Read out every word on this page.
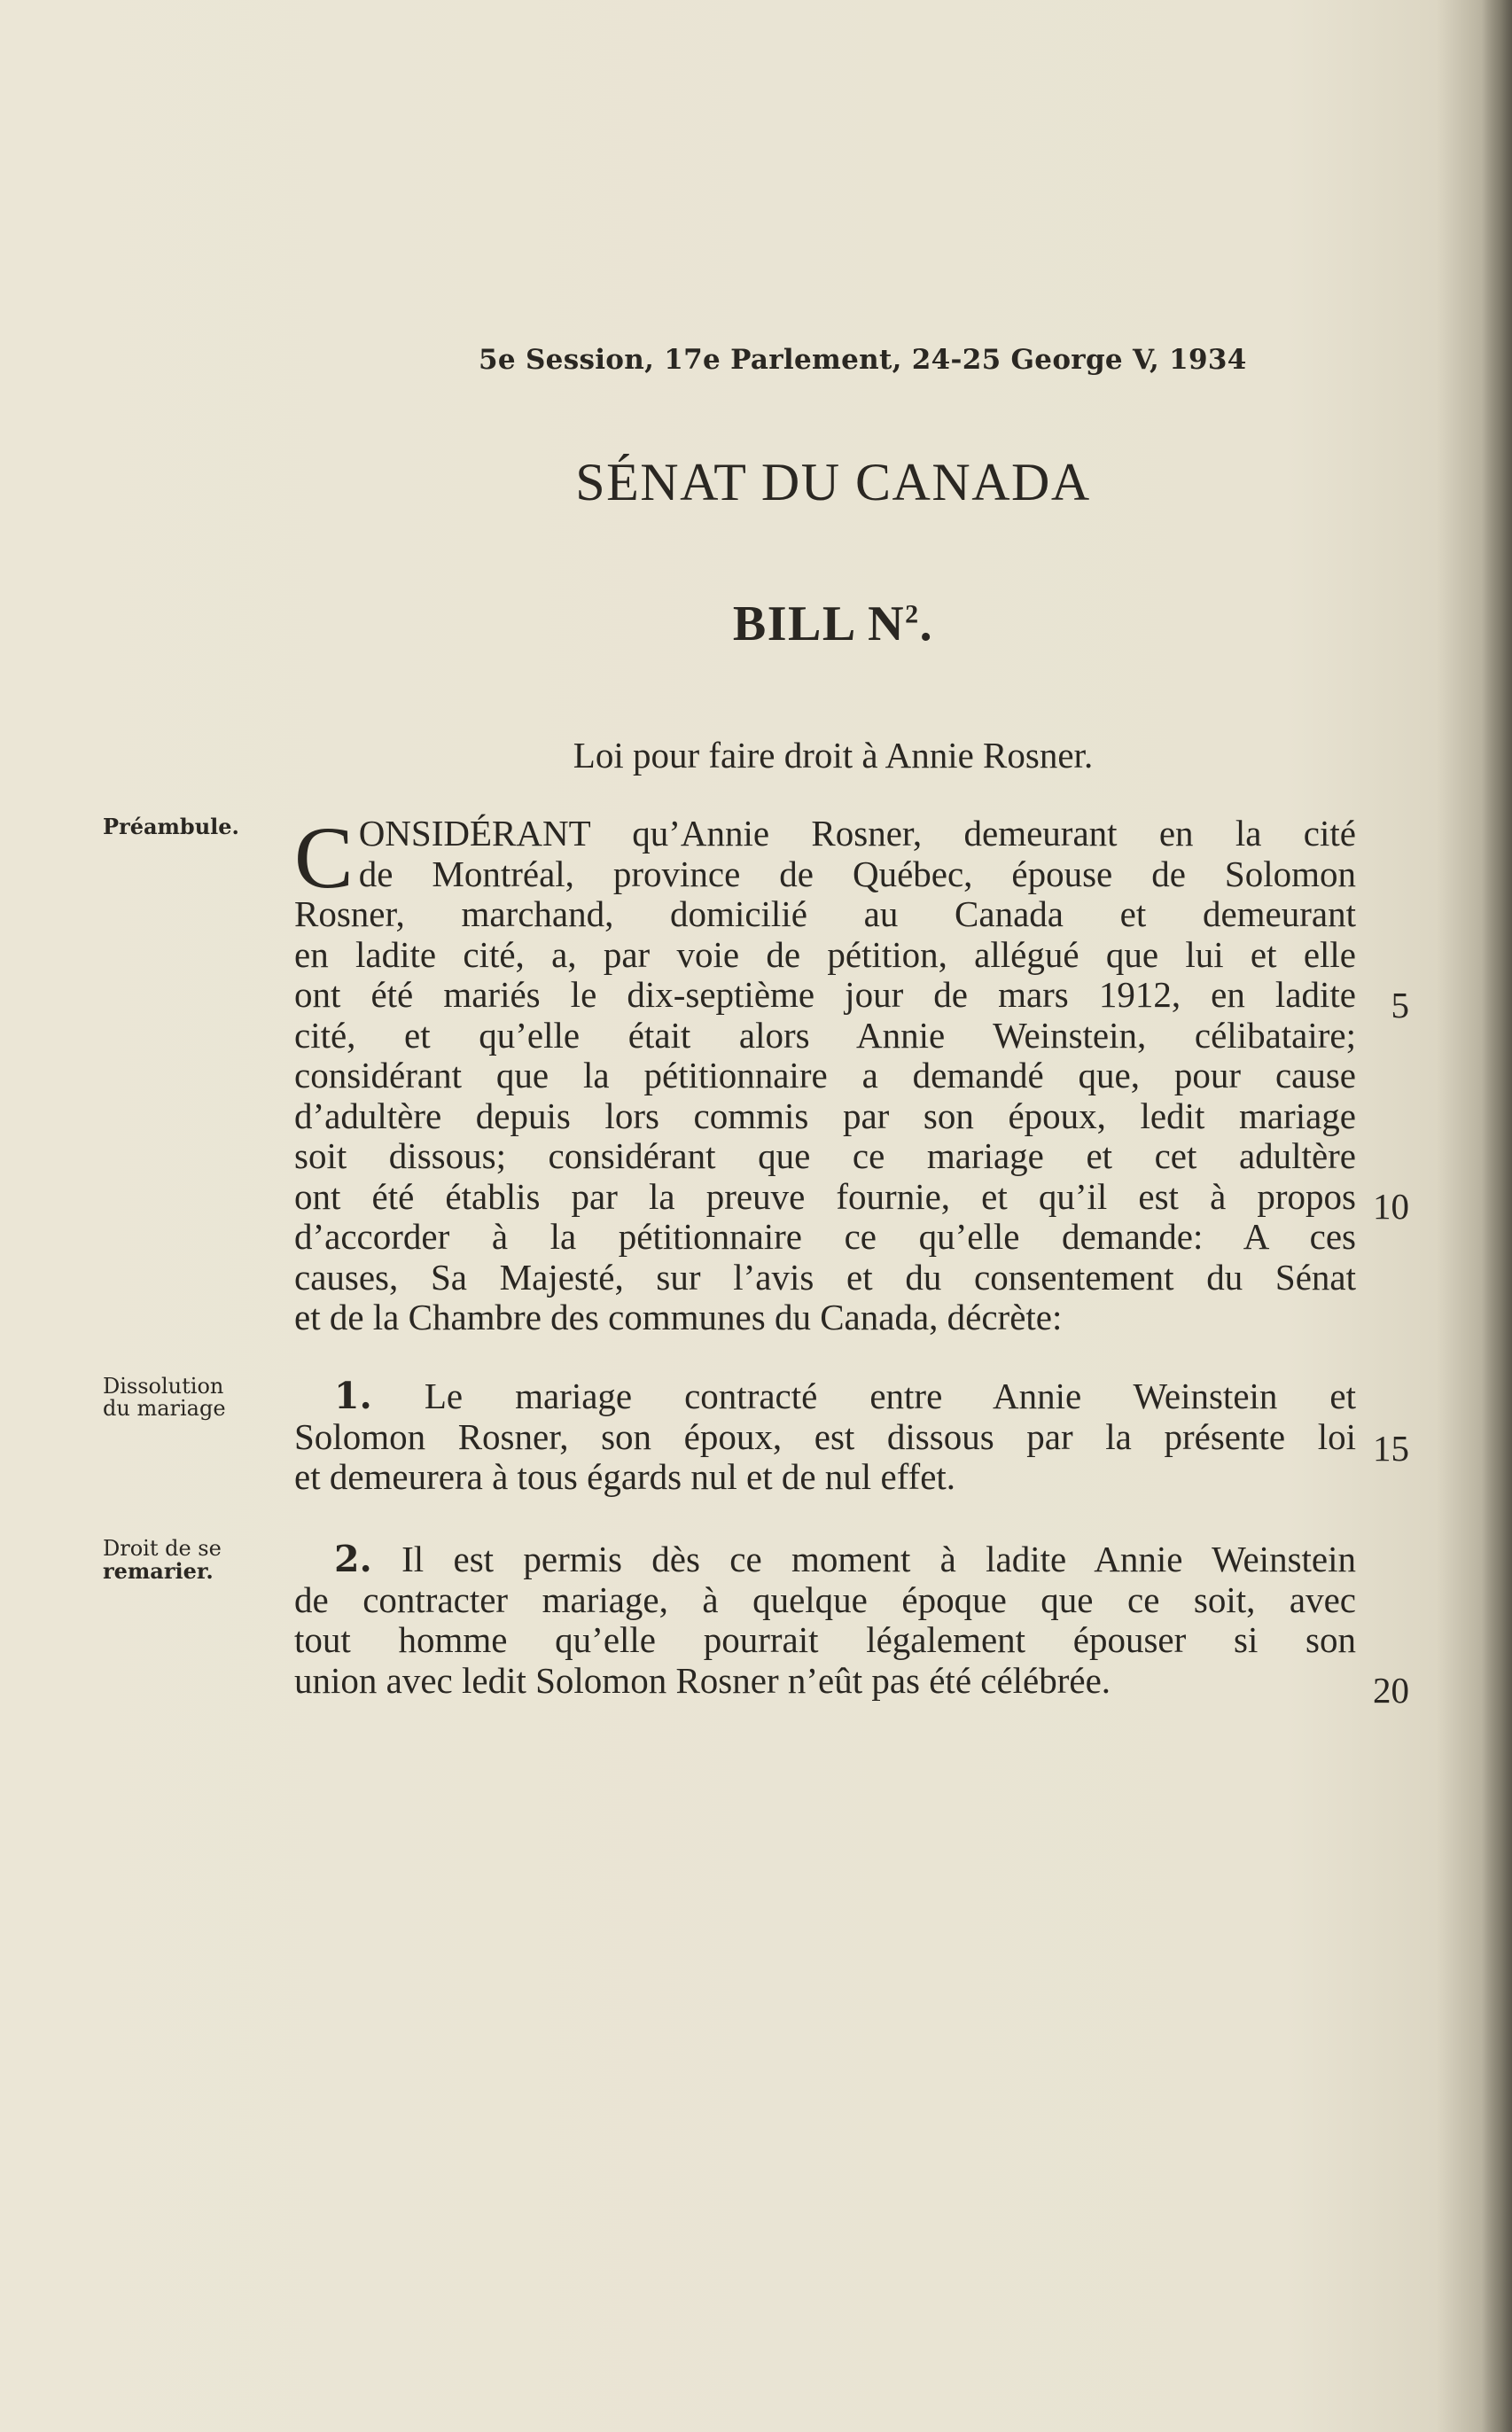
5e Session, 17e Parlement, 24-25 George V, 1934
SÉNAT DU CANADA
BILL $N^2$.
Loi pour faire droit à Annie Rosner.
Préambule.
Dissolution
du mariage
Droit de se
remarier.
C ONSIDÉRANT qu’Annie Rosner, demeurant en la cité
de Montréal, province de Québec, épouse de Solomon
Rosner, marchand, domicilié au Canada et demeurant
en ladite cité, a, par voie de pétition, allégué que lui et elle
ont été mariés le dix-septième jour de mars 1912, en ladite
cité, et qu’elle était alors Annie Weinstein, célibataire;
considérant que la pétitionnaire a demandé que, pour cause
d’adultère depuis lors commis par son époux, ledit mariage
soit dissous; considérant que ce mariage et cet adultère
ont été établis par la preuve fournie, et qu’il est à propos
d’accorder à la pétitionnaire ce qu’elle demande: A ces
causes, Sa Majesté, sur l’avis et du consentement du Sénat
et de la Chambre des communes du Canada, décrète:
1. Le mariage contracté entre Annie Weinstein et
Solomon Rosner, son époux, est dissous par la présente loi
et demeurera à tous égards nul et de nul effet.
2. Il est permis dès ce moment à ladite Annie Weinstein
de contracter mariage, à quelque époque que ce soit, avec
tout homme qu’elle pourrait légalement épouser si son
union avec ledit Solomon Rosner n’eût pas été célébrée.
5
10
15
20
